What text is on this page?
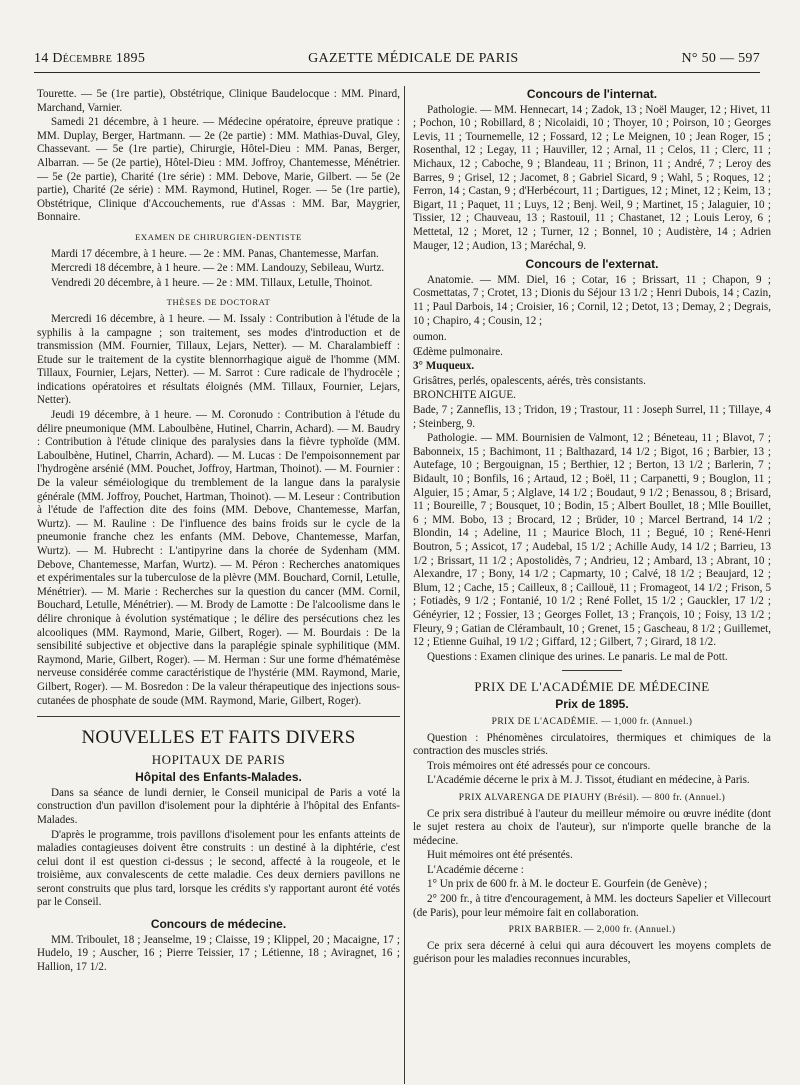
14 Décembre 1895	GAZETTE MÉDICALE DE PARIS	N° 50 — 597

Tourette. — 5e (1re partie), Obstétrique, Clinique Baudelocque : MM. Pinard, Marchand, Varnier.

Samedi 21 décembre, à 1 heure. — Médecine opératoire, épreuve pratique : MM. Duplay, Berger, Hartmann. — 2e (2e partie) : MM. Mathias-Duval, Gley, Chassevant. — 5e (1re partie), Chirurgie, Hôtel-Dieu : MM. Panas, Berger, Albarran. — 5e (2e partie), Hôtel-Dieu : MM. Joffroy, Chantemesse, Ménétrier. — 5e (2e partie), Charité (1re série) : MM. Debove, Marie, Gilbert. — 5e (2e partie), Charité (2e série) : MM. Raymond, Hutinel, Roger. — 5e (1re partie), Obstétrique, Clinique d'Accouchements, rue d'Assas : MM. Bar, Maygrier, Bonnaire.

EXAMEN DE CHIRURGIEN-DENTISTE

Mardi 17 décembre, à 1 heure. — 2e : MM. Panas, Chantemesse, Marfan.

Mercredi 18 décembre, à 1 heure. — 2e : MM. Landouzy, Sebileau, Wurtz.

Vendredi 20 décembre, à 1 heure. — 2e : MM. Tillaux, Letulle, Thoinot.

THÈSES DE DOCTORAT

Mercredi 16 décembre, à 1 heure. — M. Issaly : Contribution à l'étude de la syphilis à la campagne ; son traitement, ses modes d'introduction et de transmission (MM. Fournier, Tillaux, Lejars, Netter). — M. Charalambieff : Etude sur le traitement de la cystite blennorrhagique aiguë de l'homme (MM. Tillaux, Fournier, Lejars, Netter). — M. Sarrot : Cure radicale de l'hydrocèle ; indications opératoires et résultats éloignés (MM. Tillaux, Fournier, Lejars, Netter).

Jeudi 19 décembre, à 1 heure. — M. Coronudo : Contribution à l'étude du délire pneumonique (MM. Laboulbène, Hutinel, Charrin, Achard). — M. Baudry : Contribution à l'étude clinique des paralysies dans la fièvre typhoïde (MM. Laboulbène, Hutinel, Charrin, Achard). — M. Lucas : De l'empoisonnement par l'hydrogène arsénié (MM. Pouchet, Joffroy, Hartman, Thoinot). — M. Fournier : De la valeur séméiologique du tremblement de la langue dans la paralysie générale (MM. Joffroy, Pouchet, Hartman, Thoinot). — M. Leseur : Contribution à l'étude de l'affection dite des foins (MM. Debove, Chantemesse, Marfan, Wurtz). — M. Rauline : De l'influence des bains froids sur le cycle de la pneumonie franche chez les enfants (MM. Debove, Chantemesse, Marfan, Wurtz). — M. Hubrecht : L'antipyrine dans la chorée de Sydenham (MM. Debove, Chantemesse, Marfan, Wurtz). — M. Péron : Recherches anatomiques et expérimentales sur la tuberculose de la plèvre (MM. Bouchard, Cornil, Letulle, Ménétrier). — M. Marie : Recherches sur la question du cancer (MM. Cornil, Bouchard, Letulle, Ménétrier). — M. Brody de Lamotte : De l'alcoolisme dans le délire chronique à évolution systématique ; le délire des persécutions chez les alcooliques (MM. Raymond, Marie, Gilbert, Roger). — M. Bourdais : De la sensibilité subjective et objective dans la paraplégie spinale syphilitique (MM. Raymond, Marie, Gilbert, Roger). — M. Herman : Sur une forme d'hématémèse nerveuse considérée comme caractéristique de l'hystérie (MM. Raymond, Marie, Gilbert, Roger). — M. Bosredon : De la valeur thérapeutique des injections sous-cutanées de phosphate de soude (MM. Raymond, Marie, Gilbert, Roger).

NOUVELLES ET FAITS DIVERS
HOPITAUX DE PARIS
Hôpital des Enfants-Malades.

Dans sa séance de lundi dernier, le Conseil municipal de Paris a voté la construction d'un pavillon d'isolement pour la diphtérie à l'hôpital des Enfants-Malades.

D'après le programme, trois pavillons d'isolement pour les enfants atteints de maladies contagieuses doivent être construits : un destiné à la diphtérie, c'est celui dont il est question ci-dessus ; le second, affecté à la rougeole, et le troisième, aux convalescents de cette maladie. Ces deux derniers pavillons ne seront construits que plus tard, lorsque les crédits s'y rapportant auront été votés par le Conseil.

Concours de médecine.

MM. Triboulet, 18 ; Jeanselme, 19 ; Claisse, 19 ; Klippel, 20 ; Macaigne, 17 ; Hudelo, 19 ; Auscher, 16 ; Pierre Teissier, 17 ; Létienne, 18 ; Aviragnet, 16 ; Hallion, 17 1/2.

Concours de l'internat.

Pathologie. — MM. Hennecart, 14 ; Zadok, 13 ; Noël Mauger, 12 ; Hivet, 11 ; Pochon, 10 ; Robillard, 8 ; Nicolaidi, 10 ; Thoyer, 10 ; Poirson, 10 ; Georges Levis, 11 ; Tournemelle, 12 ; Fossard, 12 ; Le Meignen, 10 ; Jean Roger, 15 ; Rosenthal, 12 ; Legay, 11 ; Hauviller, 12 ; Arnal, 11 ; Celos, 11 ; Clerc, 11 ; Michaux, 12 ; Caboche, 9 ; Blandeau, 11 ; Brinon, 11 ; André, 7 ; Leroy des Barres, 9 ; Grisel, 12 ; Jacomet, 8 ; Gabriel Sicard, 9 ; Wahl, 5 ; Roques, 12 ; Ferron, 14 ; Castan, 9 ; d'Herbécourt, 11 ; Dartigues, 12 ; Minet, 12 ; Keim, 13 ; Bigart, 11 ; Paquet, 11 ; Luys, 12 ; Benj. Weil, 9 ; Martinet, 15 ; Jalaguier, 10 ; Tissier, 12 ; Chauveau, 13 ; Rastouil, 11 ; Chastanet, 12 ; Louis Leroy, 6 ; Mettetal, 12 ; Moret, 12 ; Turner, 12 ; Bonnel, 10 ; Audistère, 14 ; Adrien Mauger, 12 ; Audion, 13 ; Maréchal, 9.

Concours de l'externat.

Anatomie. — MM. Diel, 16 ; Cotar, 16 ; Brissart, 11 ; Chapon, 9 ; Cosmettatas, 7 ; Crotet, 13 ; Dionis du Séjour 13 1/2 ; Henri Dubois, 14 ; Cazin, 11 ; Paul Darbois, 14 ; Croisier, 16 ; Cornil, 12 ; Detot, 13 ; Demay, 2 ; Degrais, 10 ; Chapiro, 4 ; Cousin, 12 ;

oumon.

Œdème pulmonaire.

3° Muqueux.

Grisâtres, perlés, opalescents, aérés, très consistants.

BRONCHITE AIGUE.

Bade, 7 ; Zanneflis, 13 ; Tridon, 19 ; Trastour, 11 : Joseph Surrel, 11 ; Tillaye, 4 ; Steinberg, 9.

Pathologie. — MM. Bournisien de Valmont, 12 ; Béneteau, 11 ; Blavot, 7 ; Babonneix, 15 ; Bachimont, 11 ; Balthazard, 14 1/2 ; Bigot, 16 ; Barbier, 13 ; Autefage, 10 ; Bergouignan, 15 ; Berthier, 12 ; Berton, 13 1/2 ; Barlerin, 7 ; Bidault, 10 ; Bonfils, 16 ; Artaud, 12 ; Boël, 11 ; Carpanetti, 9 ; Bouglon, 11 ; Alguier, 15 ; Amar, 5 ; Alglave, 14 1/2 ; Boudaut, 9 1/2 ; Benassou, 8 ; Brisard, 11 ; Boureille, 7 ; Bousquet, 10 ; Bodin, 15 ; Albert Boullet, 18 ; Mlle Bouillet, 6 ; MM. Bobo, 13 ; Brocard, 12 ; Brüder, 10 ; Marcel Bertrand, 14 1/2 ; Blondin, 14 ; Adeline, 11 ; Maurice Bloch, 11 ; Begué, 10 ; René-Henri Boutron, 5 ; Assicot, 17 ; Audebal, 15 1/2 ; Achille Audy, 14 1/2 ; Barrieu, 13 1/2 ; Brissart, 11 1/2 ; Apostolidès, 7 ; Andrieu, 12 ; Ambard, 13 ; Abrant, 10 ; Alexandre, 17 ; Bony, 14 1/2 ; Capmarty, 10 ; Calvé, 18 1/2 ; Beaujard, 12 ; Blum, 12 ; Cache, 15 ; Cailleux, 8 ; Caillouë, 11 ; Fromageot, 14 1/2 ; Frison, 5 ; Fotiadès, 9 1/2 ; Fontanié, 10 1/2 ; René Follet, 15 1/2 ; Gauckler, 17 1/2 ; Généyrier, 12 ; Fossier, 13 ; Georges Follet, 13 ; François, 10 ; Foisy, 13 1/2 ; Fleury, 9 ; Gatian de Clérambault, 10 ; Grenet, 15 ; Gascheau, 8 1/2 ; Guillemet, 12 ; Etienne Guihal, 19 1/2 ; Giffard, 12 ; Gilbert, 7 ; Girard, 18 1/2.

Questions : Examen clinique des urines. Le panaris. Le mal de Pott.

PRIX DE L'ACADÉMIE DE MÉDECINE
Prix de 1895.
PRIX DE L'ACADÉMIE. — 1,000 fr. (Annuel.)

Question : Phénomènes circulatoires, thermiques et chimiques de la contraction des muscles striés.

Trois mémoires ont été adressés pour ce concours.

L'Académie décerne le prix à M. J. Tissot, étudiant en médecine, à Paris.

PRIX ALVARENGA DE PIAUHY (Brésil). — 800 fr. (Annuel.)

Ce prix sera distribué à l'auteur du meilleur mémoire ou œuvre inédite (dont le sujet restera au choix de l'auteur), sur n'importe quelle branche de la médecine.

Huit mémoires ont été présentés.

L'Académie décerne :

1° Un prix de 600 fr. à M. le docteur E. Gourfein (de Genève) ;

2° 200 fr., à titre d'encouragement, à MM. les docteurs Sapelier et Villecourt (de Paris), pour leur mémoire fait en collaboration.

PRIX BARBIER. — 2,000 fr. (Annuel.)

Ce prix sera décerné à celui qui aura découvert les moyens complets de guérison pour les maladies reconnues incurables,
